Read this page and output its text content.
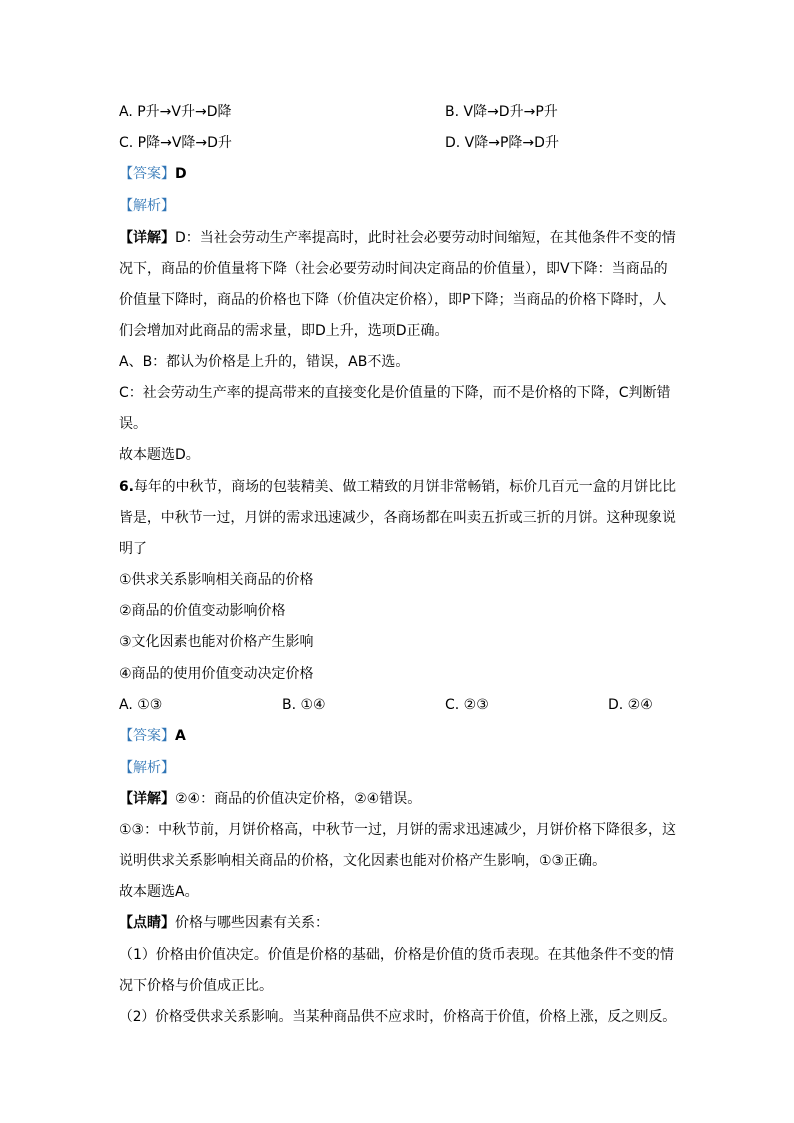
A. P升→V升→D降	B. V降→D升→P升
C. P降→V降→D升	D. V降→P降→D升
【答案】D
【解析】
【详解】D：当社会劳动生产率提高时，此时社会必要劳动时间缩短，在其他条件不变的情
况下，商品的价值量将下降（社会必要劳动时间决定商品的价值量），即V下降：当商品的
价值量下降时，商品的价格也下降（价值决定价格），即P下降；当商品的价格下降时，人
们会增加对此商品的需求量，即D上升，选项D正确。
A、B：都认为价格是上升的，错误，AB不选。
C：社会劳动生产率的提高带来的直接变化是价值量的下降，而不是价格的下降，C判断错
误。
故本题选D。
6.每年的中秋节，商场的包装精美、做工精致的月饼非常畅销，标价几百元一盒的月饼比比
皆是，中秋节一过，月饼的需求迅速减少，各商场都在叫卖五折或三折的月饼。这种现象说
明了
①供求关系影响相关商品的价格
②商品的价值变动影响价格
③文化因素也能对价格产生影响
④商品的使用价值变动决定价格
A. ①③	B. ①④	C. ②③	D. ②④
【答案】A
【解析】
【详解】②④：商品的价值决定价格，②④错误。
①③：中秋节前，月饼价格高，中秋节一过，月饼的需求迅速减少，月饼价格下降很多，这
说明供求关系影响相关商品的价格，文化因素也能对价格产生影响，①③正确。
故本题选A。
【点睛】价格与哪些因素有关系：
（1）价格由价值决定。价值是价格的基础，价格是价值的货币表现。在其他条件不变的情
况下价格与价值成正比。
（2）价格受供求关系影响。当某种商品供不应求时，价格高于价值，价格上涨，反之则反。
